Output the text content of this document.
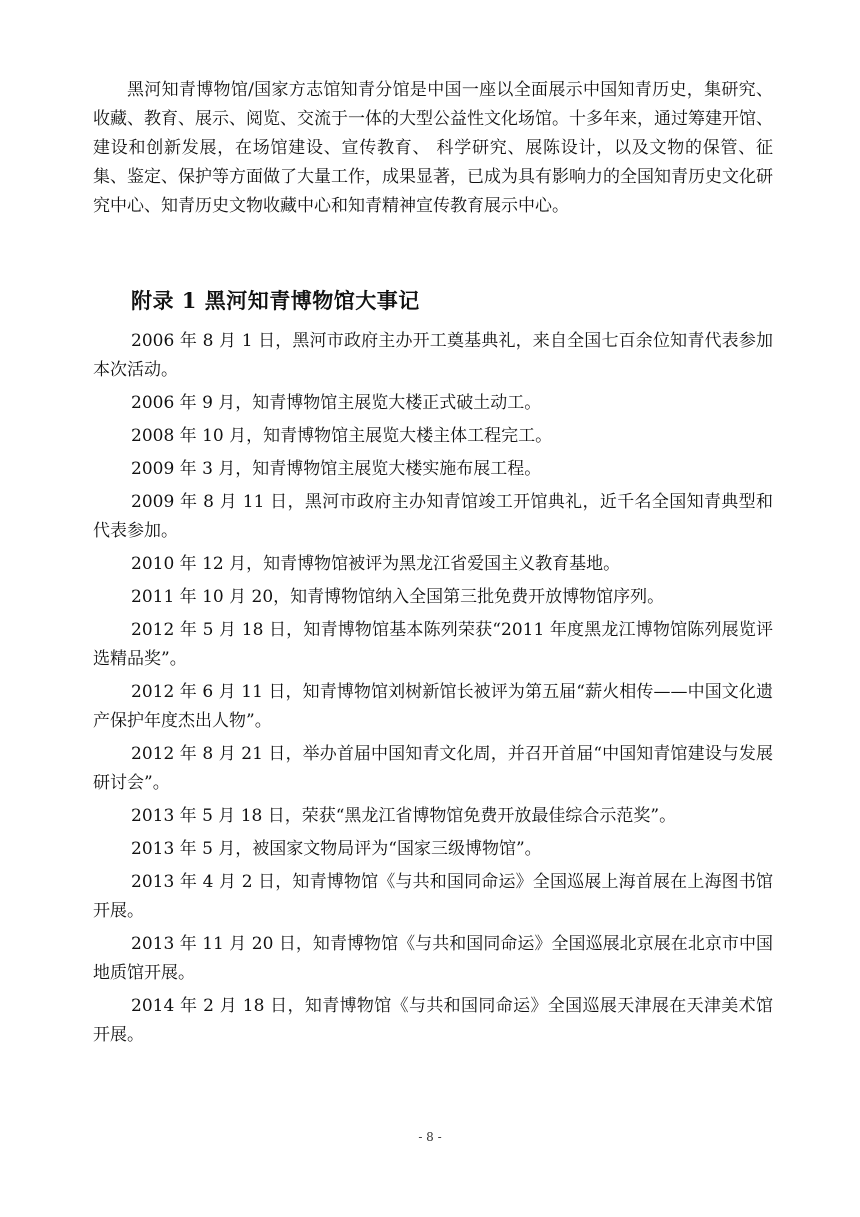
黑河知青博物馆/国家方志馆知青分馆是中国一座以全面展示中国知青历史，集研究、收藏、教育、展示、阅览、交流于一体的大型公益性文化场馆。十多年来，通过筹建开馆、建设和创新发展，在场馆建设、宣传教育、 科学研究、展陈设计，以及文物的保管、征集、鉴定、保护等方面做了大量工作，成果显著，已成为具有影响力的全国知青历史文化研究中心、知青历史文物收藏中心和知青精神宣传教育展示中心。

附录 1 黑河知青博物馆大事记
2006 年 8 月 1 日，黑河市政府主办开工奠基典礼，来自全国七百余位知青代表参加本次活动。
2006 年 9 月，知青博物馆主展览大楼正式破土动工。
2008 年 10 月，知青博物馆主展览大楼主体工程完工。
2009 年 3 月，知青博物馆主展览大楼实施布展工程。
2009 年 8 月 11 日，黑河市政府主办知青馆竣工开馆典礼，近千名全国知青典型和代表参加。
2010 年 12 月，知青博物馆被评为黑龙江省爱国主义教育基地。
2011 年 10 月 20，知青博物馆纳入全国第三批免费开放博物馆序列。
2012 年 5 月 18 日，知青博物馆基本陈列荣获“2011 年度黑龙江博物馆陈列展览评选精品奖”。
2012 年 6 月 11 日，知青博物馆刘树新馆长被评为第五届“薪火相传——中国文化遗产保护年度杰出人物”。
2012 年 8 月 21 日，举办首届中国知青文化周，并召开首届“中国知青馆建设与发展研讨会”。
2013 年 5 月 18 日，荣获“黑龙江省博物馆免费开放最佳综合示范奖”。
2013 年 5 月，被国家文物局评为“国家三级博物馆”。
2013 年 4 月 2 日，知青博物馆《与共和国同命运》全国巡展上海首展在上海图书馆开展。
2013 年 11 月 20 日，知青博物馆《与共和国同命运》全国巡展北京展在北京市中国地质馆开展。
2014 年 2 月 18 日，知青博物馆《与共和国同命运》全国巡展天津展在天津美术馆开展。
- 8 -
